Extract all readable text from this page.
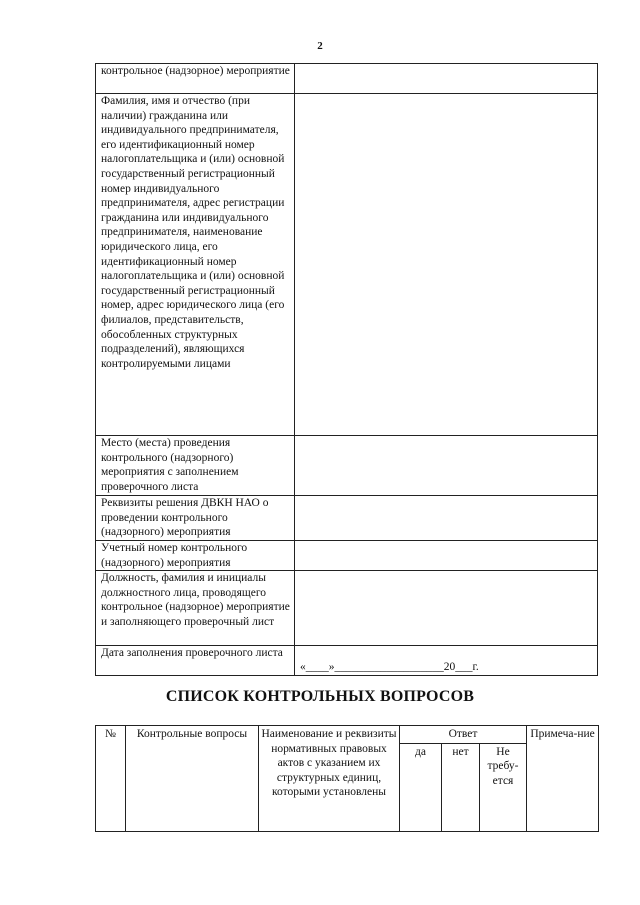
2
контрольное (надзорное) мероприятие	
Фамилия, имя и отчество (при наличии) гражданина или индивидуального предпринимателя, его идентификационный номер налогоплательщика и (или) основной государственный регистрационный номер индивидуального предпринимателя, адрес регистрации гражданина или индивидуального предпринимателя, наименование юридического лица, его идентификационный номер налогоплательщика и (или) основной государственный регистрационный номер, адрес юридического лица (его филиалов, представительств, обособленных структурных подразделений), являющихся контролируемыми лицами	
Место (места) проведения контрольного (надзорного) мероприятия с заполнением проверочного листа	
Реквизиты решения ДВКН НАО о проведении контрольного (надзорного) мероприятия	
Учетный номер контрольного (надзорного) мероприятия	
Должность, фамилия и инициалы должностного лица, проводящего контрольное (надзорное) мероприятие и заполняющего проверочный лист	
Дата заполнения проверочного листа	«____»___________________20___г.
СПИСОК КОНТРОЛЬНЫХ ВОПРОСОВ
№	Контрольные вопросы	Наименование и реквизиты нормативных правовых актов с указанием их структурных единиц, которыми установлены	Ответ			Примеча-ние
			да	нет	Не требу-ется	
